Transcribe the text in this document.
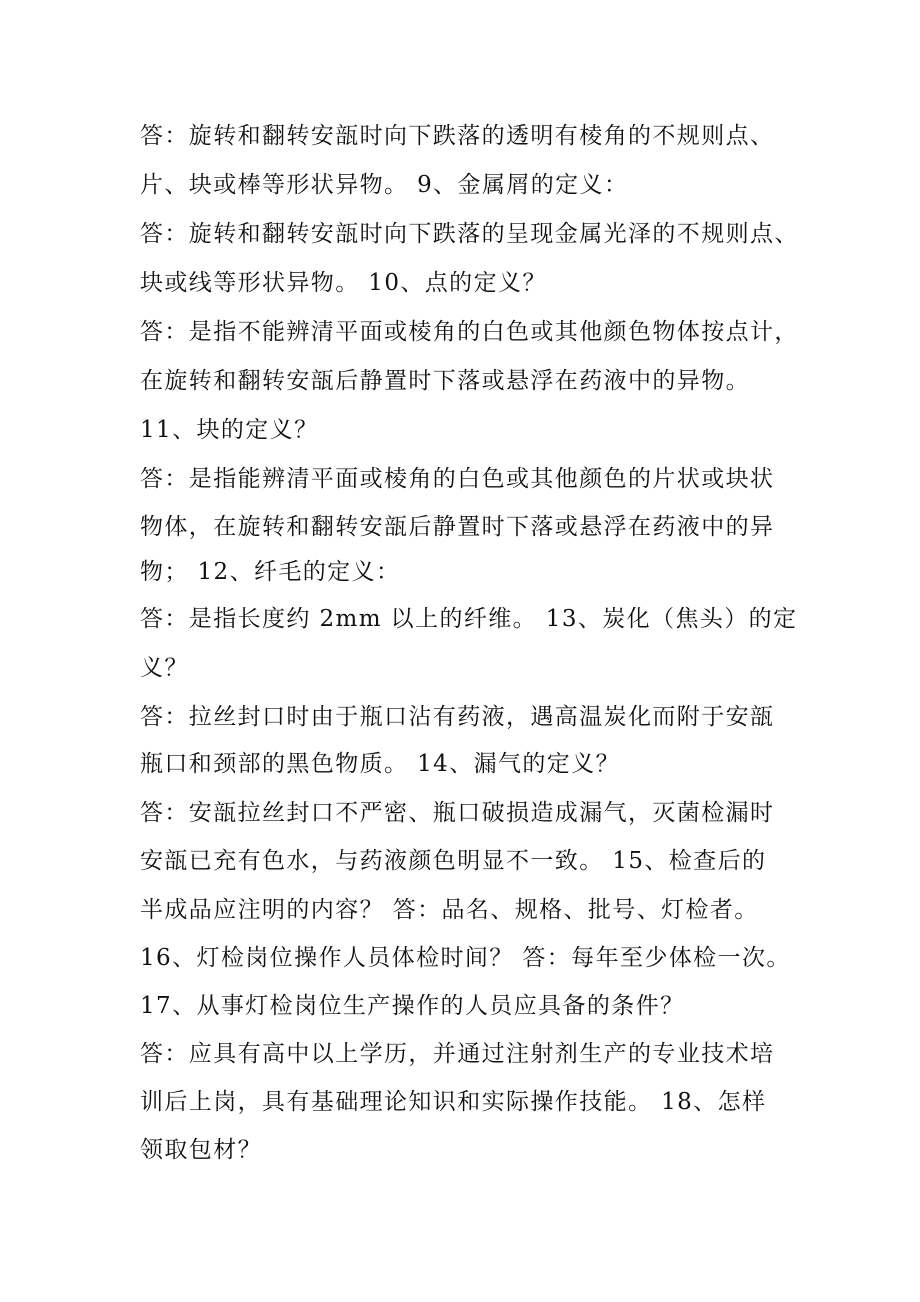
答：旋转和翻转安瓿时向下跌落的透明有棱角的不规则点、
片、块或棒等形状异物。 9、金属屑的定义：
答：旋转和翻转安瓿时向下跌落的呈现金属光泽的不规则点、
块或线等形状异物。 10、点的定义？
答：是指不能辨清平面或棱角的白色或其他颜色物体按点计，
在旋转和翻转安瓿后静置时下落或悬浮在药液中的异物。
11、块的定义？
答：是指能辨清平面或棱角的白色或其他颜色的片状或块状
物体，在旋转和翻转安瓿后静置时下落或悬浮在药液中的异
物； 12、纤毛的定义：
答：是指长度约 2mm 以上的纤维。 13、炭化（焦头）的定
义？
答：拉丝封口时由于瓶口沾有药液，遇高温炭化而附于安瓿
瓶口和颈部的黑色物质。 14、漏气的定义？
答：安瓿拉丝封口不严密、瓶口破损造成漏气，灭菌检漏时
安瓿已充有色水，与药液颜色明显不一致。 15、检查后的
半成品应注明的内容？ 答：品名、规格、批号、灯检者。
16、灯检岗位操作人员体检时间？ 答：每年至少体检一次。
17、从事灯检岗位生产操作的人员应具备的条件？
答：应具有高中以上学历，并通过注射剂生产的专业技术培
训后上岗，具有基础理论知识和实际操作技能。 18、怎样
领取包材？
